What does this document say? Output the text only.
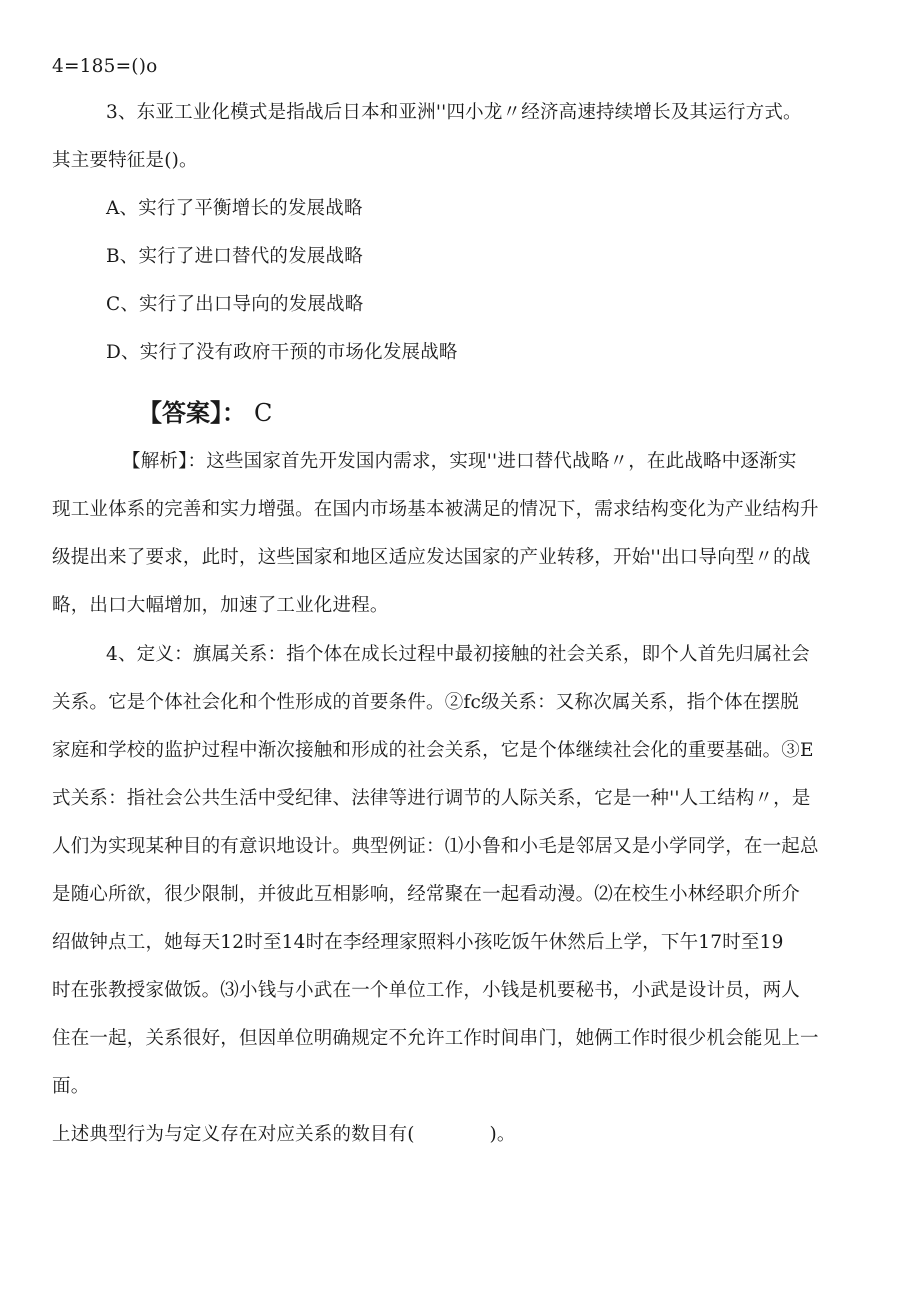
4=185=()o
3、东亚工业化模式是指战后日本和亚洲''四小龙〃经济高速持续增长及其运行方式。
其主要特征是()。
A、实行了平衡增长的发展战略
B、实行了进口替代的发展战略
C、实行了出口导向的发展战略
D、实行了没有政府干预的市场化发展战略
【答案】： C
【解析】：这些国家首先开发国内需求，实现''进口替代战略〃，在此战略中逐渐实
现工业体系的完善和实力增强。在国内市场基本被满足的情况下，需求结构变化为产业结构升
级提出来了要求，此时，这些国家和地区适应发达国家的产业转移，开始''出口导向型〃的战
略，出口大幅增加，加速了工业化进程。
4、定义：旗属关系：指个体在成长过程中最初接触的社会关系，即个人首先归属社会
关系。它是个体社会化和个性形成的首要条件。②fc级关系：又称次属关系，指个体在摆脱
家庭和学校的监护过程中渐次接触和形成的社会关系，它是个体继续社会化的重要基础。③E
式关系：指社会公共生活中受纪律、法律等进行调节的人际关系，它是一种''人工结构〃，是
人们为实现某种目的有意识地设计。典型例证：⑴小鲁和小毛是邻居又是小学同学，在一起总
是随心所欲，很少限制，并彼此互相影响，经常聚在一起看动漫。⑵在校生小林经职介所介
绍做钟点工，她每天12时至14时在李经理家照料小孩吃饭午休然后上学，下午17时至19
时在张教授家做饭。⑶小钱与小武在一个单位工作，小钱是机要秘书，小武是设计员，两人
住在一起，关系很好，但因单位明确规定不允许工作时间串门，她俩工作时很少机会能见上一
面。
上述典型行为与定义存在对应关系的数目有(　　　　)。
